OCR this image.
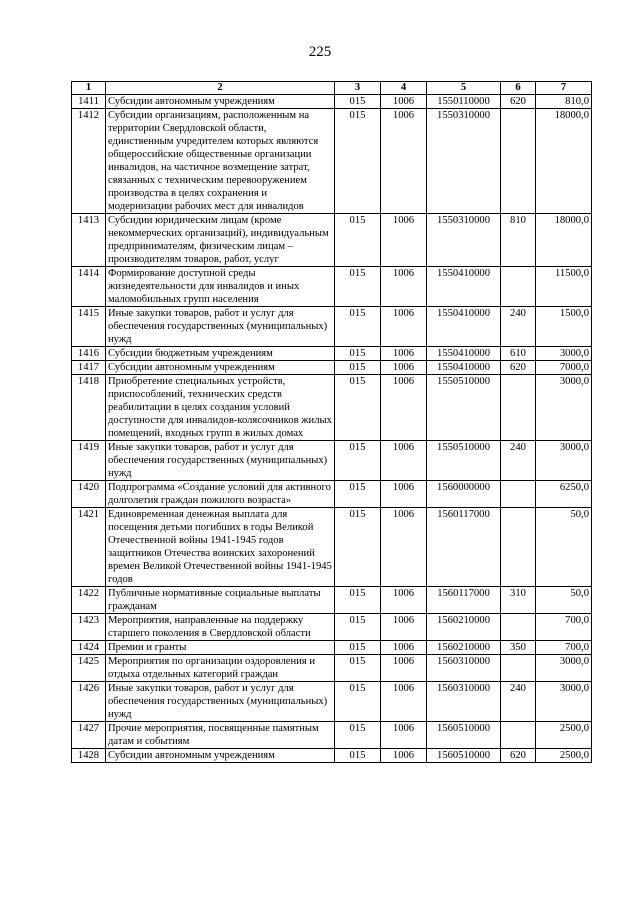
225
1	2	3	4	5	6	7
1411	Субсидии автономным учреждениям	015	1006	1550110000	620	810,0
1412	Субсидии организациям, расположенным на территории Свердловской области, единственным учредителем которых являются общероссийские общественные организации инвалидов, на частичное возмещение затрат, связанных с техническим перевооружением производства в целях сохранения и модернизации рабочих мест для инвалидов	015	1006	1550310000		18000,0
1413	Субсидии юридическим лицам (кроме некоммерческих организаций), индивидуальным предпринимателям, физическим лицам – производителям товаров, работ, услуг	015	1006	1550310000	810	18000,0
1414	Формирование доступной среды жизнедеятельности для инвалидов и иных маломобильных групп населения	015	1006	1550410000		11500,0
1415	Иные закупки товаров, работ и услуг для обеспечения государственных (муниципальных) нужд	015	1006	1550410000	240	1500,0
1416	Субсидии бюджетным учреждениям	015	1006	1550410000	610	3000,0
1417	Субсидии автономным учреждениям	015	1006	1550410000	620	7000,0
1418	Приобретение специальных устройств, приспособлений, технических средств реабилитации в целях создания условий доступности для инвалидов-колясочников жилых помещений, входных групп в жилых домах	015	1006	1550510000		3000,0
1419	Иные закупки товаров, работ и услуг для обеспечения государственных (муниципальных) нужд	015	1006	1550510000	240	3000,0
1420	Подпрограмма «Создание условий для активного долголетия граждан пожилого возраста»	015	1006	1560000000		6250,0
1421	Единовременная денежная выплата для посещения детьми погибших в годы Великой Отечественной войны 1941-1945 годов защитников Отечества воинских захоронений времен Великой Отечественной войны 1941-1945 годов	015	1006	1560117000		50,0
1422	Публичные нормативные социальные выплаты гражданам	015	1006	1560117000	310	50,0
1423	Мероприятия, направленные на поддержку старшего поколения в Свердловской области	015	1006	1560210000		700,0
1424	Премии и гранты	015	1006	1560210000	350	700,0
1425	Мероприятия по организации оздоровления и отдыха отдельных категорий граждан	015	1006	1560310000		3000,0
1426	Иные закупки товаров, работ и услуг для обеспечения государственных (муниципальных) нужд	015	1006	1560310000	240	3000,0
1427	Прочие мероприятия, посвященные памятным датам и событиям	015	1006	1560510000		2500,0
1428	Субсидии автономным учреждениям	015	1006	1560510000	620	2500,0
